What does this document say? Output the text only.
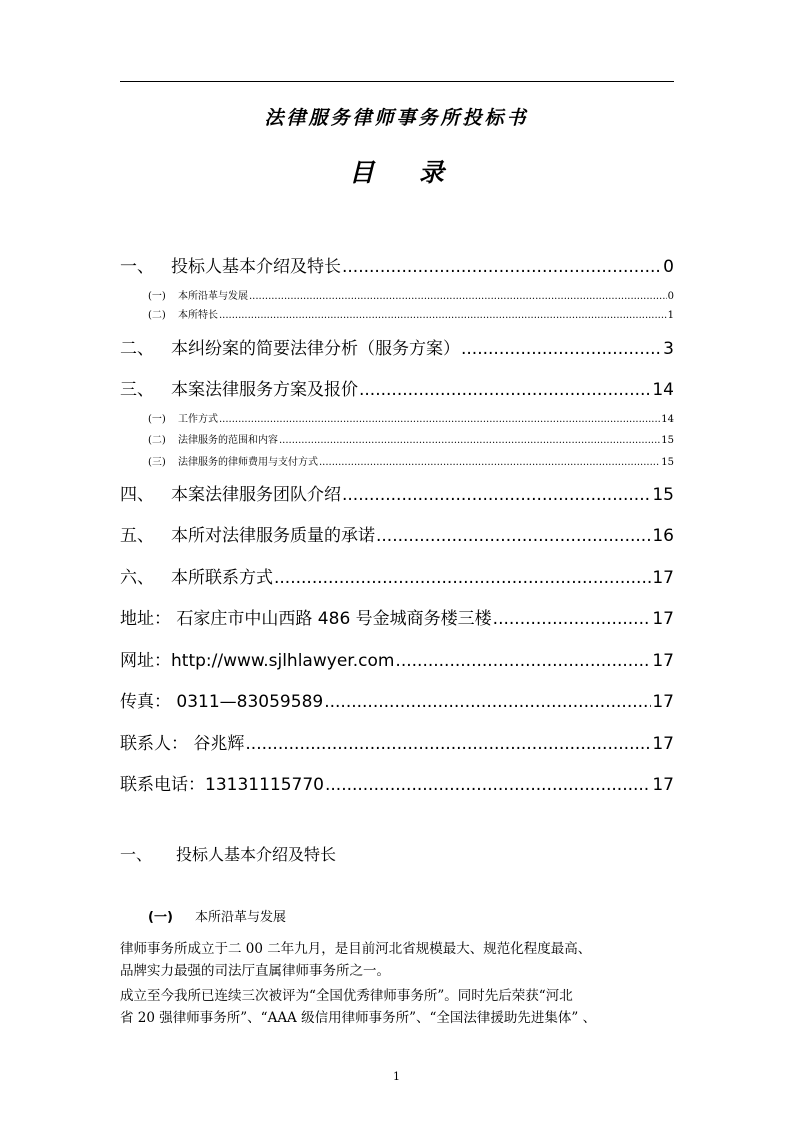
法律服务律师事务所投标书
目 录
一、 投标人基本介绍及特长 .....	0
(一) 本所沿革与发展 .....	0
(二) 本所特长 .....	1
二、 本纠纷案的简要法律分析（服务方案） .....	3
三、 本案法律服务方案及报价 .....	14
(一) 工作方式 .....	14
(二) 法律服务的范围和内容 .....	15
(三) 法律服务的律师费用与支付方式 .....	15
四、 本案法律服务团队介绍 .....	15
五、 本所对法律服务质量的承诺 .....	16
六、 本所联系方式 .....	17
地址： 石家庄市中山西路 486 号金城商务楼三楼 .....	17
网址：http://www.sjlhlawyer.com .....	17
传真： 0311—83059589 .....	17
联系人： 谷兆辉 .....	17
联系电话：13131115770 .....	17
一、 投标人基本介绍及特长
(一) 本所沿革与发展
律师事务所成立于二 00 二年九月，是目前河北省规模最大、规范化程度最高、
品牌实力最强的司法厅直属律师事务所之一。
成立至今我所已连续三次被评为“全国优秀律师事务所”。同时先后荣获“河北
省 20 强律师事务所”、“AAA 级信用律师事务所”、“全国法律援助先进集体” 、
1
